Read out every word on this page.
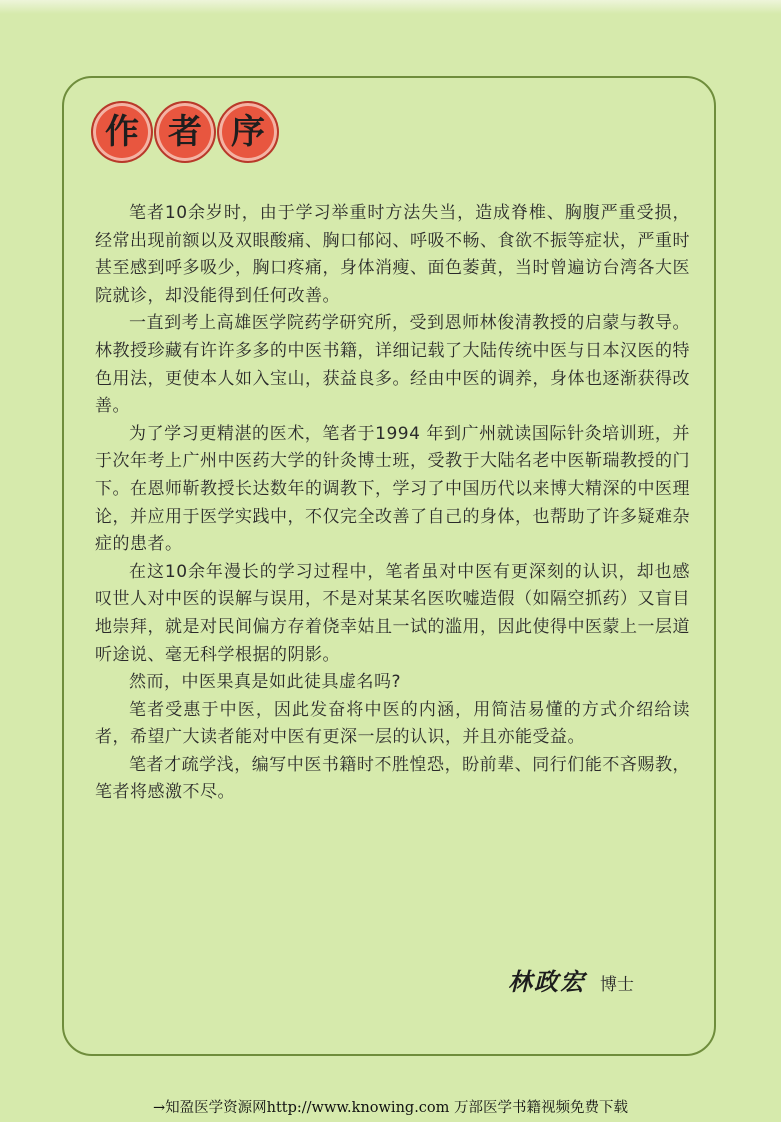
作 者 序

笔者10余岁时，由于学习举重时方法失当，造成脊椎、胸腹严重受损，经常出现前额以及双眼酸痛、胸口郁闷、呼吸不畅、食欲不振等症状，严重时甚至感到呼多吸少，胸口疼痛，身体消瘦、面色萎黄，当时曾遍访台湾各大医院就诊，却没能得到任何改善。

一直到考上高雄医学院药学研究所，受到恩师林俊清教授的启蒙与教导。林教授珍藏有许许多多的中医书籍，详细记载了大陆传统中医与日本汉医的特色用法，更使本人如入宝山，获益良多。经由中医的调养，身体也逐渐获得改善。

为了学习更精湛的医术，笔者于1994 年到广州就读国际针灸培训班，并于次年考上广州中医药大学的针灸博士班，受教于大陆名老中医靳瑞教授的门下。在恩师靳教授长达数年的调教下，学习了中国历代以来博大精深的中医理论，并应用于医学实践中，不仅完全改善了自己的身体，也帮助了许多疑难杂症的患者。

在这10余年漫长的学习过程中，笔者虽对中医有更深刻的认识，却也感叹世人对中医的误解与误用，不是对某某名医吹嘘造假（如隔空抓药）又盲目地崇拜，就是对民间偏方存着侥幸姑且一试的滥用，因此使得中医蒙上一层道听途说、毫无科学根据的阴影。

然而，中医果真是如此徒具虚名吗?

笔者受惠于中医，因此发奋将中医的内涵，用简洁易懂的方式介绍给读者，希望广大读者能对中医有更深一层的认识，并且亦能受益。

笔者才疏学浅，编写中医书籍时不胜惶恐，盼前辈、同行们能不吝赐教，笔者将感激不尽。

林政宏 博士
→知盈医学资源网http://www.knowing.com 万部医学书籍视频免费下载
